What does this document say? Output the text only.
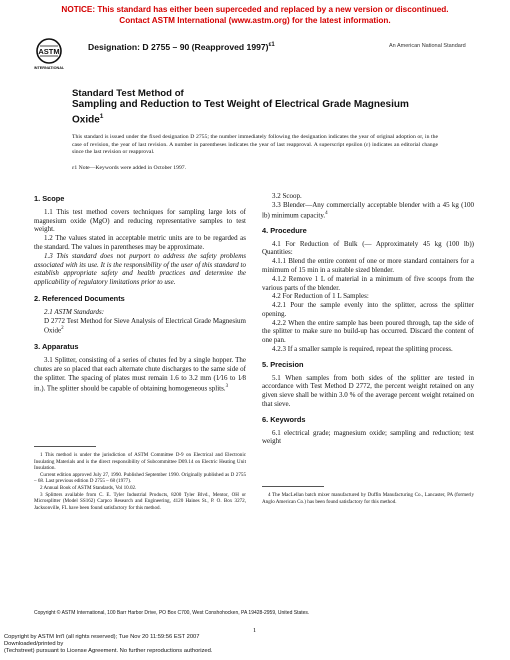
NOTICE: This standard has either been superceded and replaced by a new version or discontinued.
Contact ASTM International (www.astm.org) for the latest information.
ASTM
INTERNATIONAL
Designation: D 2755 – 90 (Reapproved 1997)$^{\varepsilon 1}$	An American National Standard
Standard Test Method of
Sampling and Reduction to Test Weight of Electrical Grade Magnesium Oxide$^1$
This standard is issued under the fixed designation D 2755; the number immediately following the designation indicates the year of original adoption or, in the case of revision, the year of last revision. A number in parentheses indicates the year of last reapproval. A superscript epsilon (ε) indicates an editorial change since the last revision or reapproval.
ε1 Note—Keywords were added in October 1997.
1. Scope

1.1 This test method covers techniques for sampling large lots of magnesium oxide (MgO) and reducing representative samples to test weight.

1.2 The values stated in acceptable metric units are to be regarded as the standard. The values in parentheses may be approximate.

1.3 This standard does not purport to address the safety problems associated with its use. It is the responsibility of the user of this standard to establish appropriate safety and health practices and determine the applicability of regulatory limitations prior to use.

2. Referenced Documents

2.1 ASTM Standards:

D 2772 Test Method for Sieve Analysis of Electrical Grade Magnesium Oxide$^2$

3. Apparatus

3.1 Splitter, consisting of a series of chutes fed by a single hopper. The chutes are so placed that each alternate chute discharges to the same side of the splitter. The spacing of plates must remain 1.6 to 3.2 mm (1⁄16 to 1⁄8 in.). The splitter should be capable of obtaining homogeneous splits.$^3$

1 This method is under the jurisdiction of ASTM Committee D-9 on Electrical and Electronic Insulating Materials and is the direct responsibility of Subcommittee D09.14 on Electric Heating Unit Insulation.

Current edition approved July 27, 1990. Published September 1990. Originally published as D 2755 – 68. Last previous edition D 2755 – 68 (1977).

2 Annual Book of ASTM Standards, Vol 10.02.

3 Splitters available from C. E. Tyler Industrial Products, 8200 Tyler Blvd., Mentor, OH or Microsplitter (Model SS162) Carpco Research and Engineering, 4120 Haines St., P. O. Box 3272, Jacksonville, FL have been found satisfactory for this method.

3.2 Scoop.

3.3 Blender—Any commercially acceptable blender with a 45 kg (100 lb) minimum capacity.$^4$

4. Procedure

4.1 For Reduction of Bulk (— Approximately 45 kg (100 lb)) Quantities:

4.1.1 Blend the entire content of one or more standard containers for a minimum of 15 min in a suitable sized blender.

4.1.2 Remove 1 L of material in a minimum of five scoops from the various parts of the blender.

4.2 For Reduction of 1 L Samples:

4.2.1 Pour the sample evenly into the splitter, across the splitter opening.

4.2.2 When the entire sample has been poured through, tap the side of the splitter to make sure no build-up has occurred. Discard the content of one pan.

4.2.3 If a smaller sample is required, repeat the splitting process.

5. Precision

5.1 When samples from both sides of the splitter are tested in accordance with Test Method D 2772, the percent weight retained on any given sieve shall be within 3.0 % of the average percent weight retained on that sieve.

6. Keywords

6.1 electrical grade; magnesium oxide; sampling and reduction; test weight

4 The MacLellan batch mixer manufactured by Duffin Manufacturing Co., Lancaster, PA (formerly Anglo American Co.) has been found satisfactory for this method.

Copyright © ASTM International, 100 Barr Harbor Drive, PO Box C700, West Conshohocken, PA 19428-2959, United States.
1
Copyright by ASTM Int'l (all rights reserved); Tue Nov 20 11:59:56 EST 2007
Downloaded/printed by
(Techstreet) pursuant to License Agreement. No further reproductions authorized.
